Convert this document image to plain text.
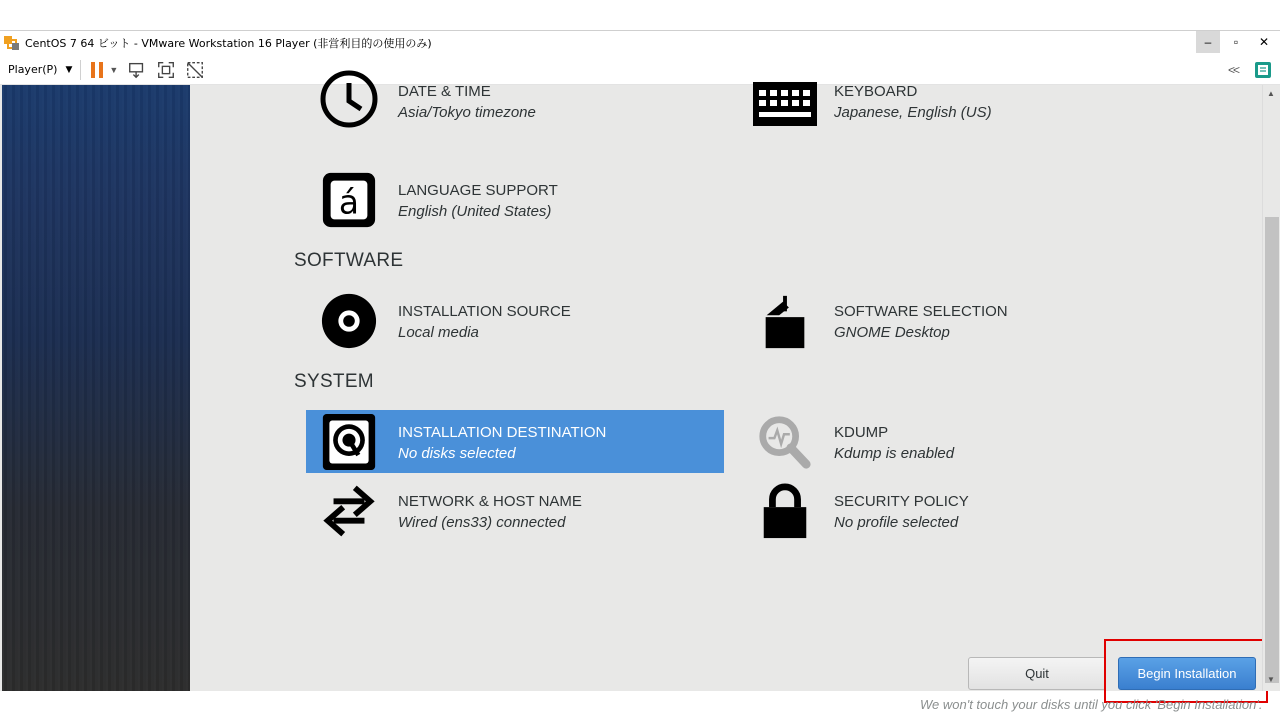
CentOS 7 64 ビット - VMware Workstation 16 Player (非営利目的の使用のみ)	–	▫	✕
Player(P) ▼	▼	<<
DATE & TIME
Asia/Tokyo timezone
KEYBOARD
Japanese, English (US)
á	LANGUAGE SUPPORT
English (United States)
SOFTWARE
INSTALLATION SOURCE
Local media
SOFTWARE SELECTION
GNOME Desktop
SYSTEM
INSTALLATION DESTINATION
No disks selected
KDUMP
Kdump is enabled
NETWORK & HOST NAME
Wired (ens33) connected
SECURITY POLICY
No profile selected
Quit	Begin Installation
We won't touch your disks until you click 'Begin Installation'.
▲
▼
